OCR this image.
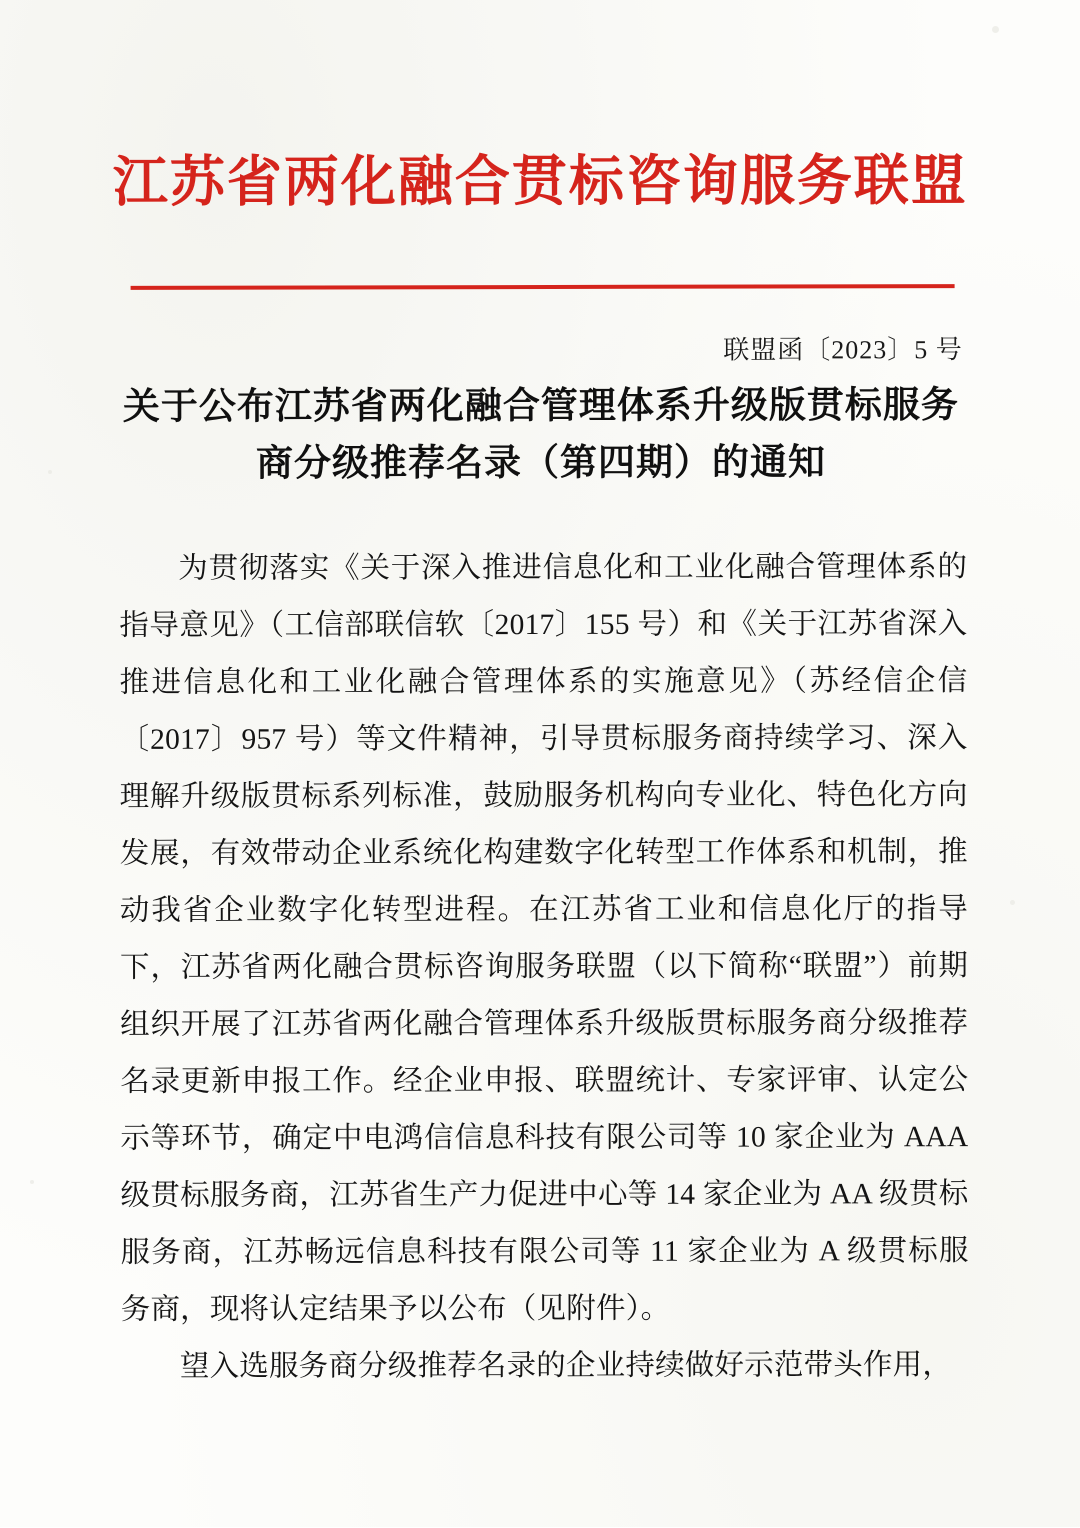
江苏省两化融合贯标咨询服务联盟
联盟函〔2023〕5 号
关于公布江苏省两化融合管理体系升级版贯标服务商分级推荐名录（第四期）的通知

为贯彻落实《关于深入推进信息化和工业化融合管理体系的指导意见》（工信部联信软〔2017〕155 号）和《关于江苏省深入推进信息化和工业化融合管理体系的实施意见》（苏经信企信〔2017〕957 号）等文件精神，引导贯标服务商持续学习、深入理解升级版贯标系列标准，鼓励服务机构向专业化、特色化方向发展，有效带动企业系统化构建数字化转型工作体系和机制，推动我省企业数字化转型进程。在江苏省工业和信息化厅的指导下，江苏省两化融合贯标咨询服务联盟（以下简称“联盟”）前期组织开展了江苏省两化融合管理体系升级版贯标服务商分级推荐名录更新申报工作。经企业申报、联盟统计、专家评审、认定公示等环节，确定中电鸿信信息科技有限公司等 10 家企业为 AAA 级贯标服务商，江苏省生产力促进中心等 14 家企业为 AA 级贯标服务商，江苏畅远信息科技有限公司等 11 家企业为 A 级贯标服务商，现将认定结果予以公布（见附件）。

望入选服务商分级推荐名录的企业持续做好示范带头作用，
